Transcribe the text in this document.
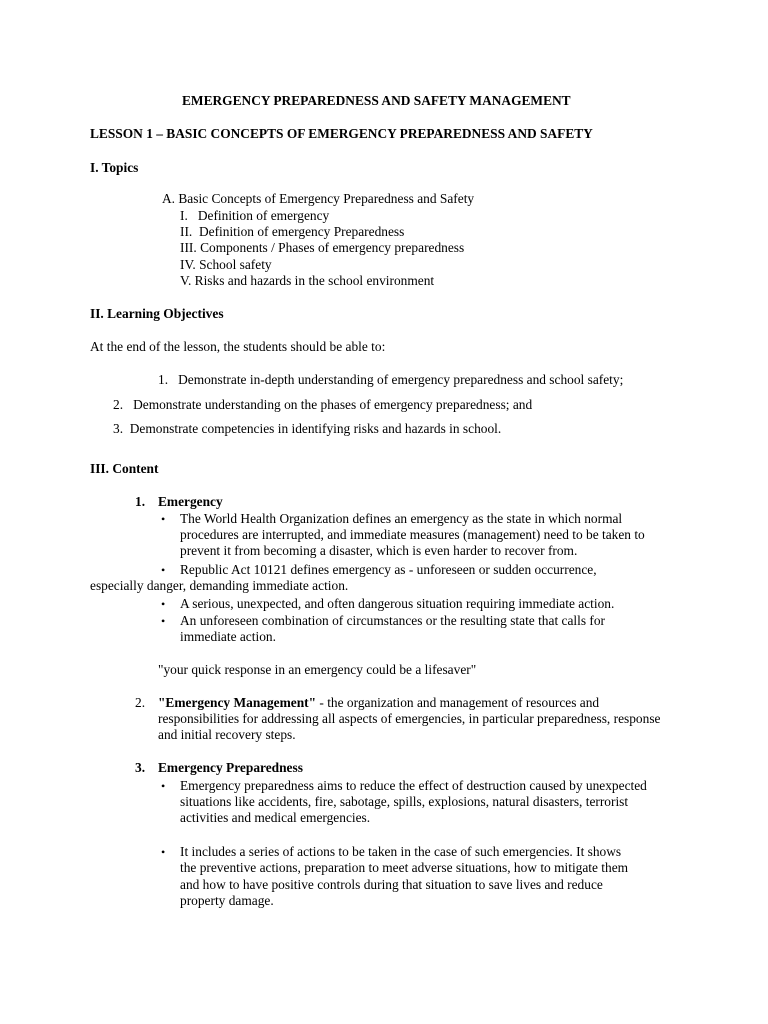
EMERGENCY PREPAREDNESS AND SAFETY MANAGEMENT
LESSON 1 – BASIC CONCEPTS OF EMERGENCY PREPAREDNESS AND SAFETY
I. Topics
A. Basic Concepts of Emergency Preparedness and Safety
I.   Definition of emergency
II.  Definition of emergency Preparedness
III. Components / Phases of emergency preparedness
IV. School safety
V. Risks and hazards in the school environment
II. Learning Objectives
At the end of the lesson, the students should be able to:
1.   Demonstrate in-depth understanding of emergency preparedness and school safety;
2.   Demonstrate understanding on the phases of emergency preparedness; and
3.  Demonstrate competencies in identifying risks and hazards in school.
III. Content
1. Emergency
• The World Health Organization defines an emergency as the state in which normal
procedures are interrupted, and immediate measures (management) need to be taken to
prevent it from becoming a disaster, which is even harder to recover from.
• Republic Act 10121 defines emergency as - unforeseen or sudden occurrence,
especially danger, demanding immediate action.
• A serious, unexpected, and often dangerous situation requiring immediate action.
• An unforeseen combination of circumstances or the resulting state that calls for
immediate action.
"your quick response in an emergency could be a lifesaver"
2. "Emergency Management" - the organization and management of resources and
responsibilities for addressing all aspects of emergencies, in particular preparedness, response
and initial recovery steps.
3. Emergency Preparedness
• Emergency preparedness aims to reduce the effect of destruction caused by unexpected
situations like accidents, fire, sabotage, spills, explosions, natural disasters, terrorist
activities and medical emergencies.
• It includes a series of actions to be taken in the case of such emergencies. It shows
the preventive actions, preparation to meet adverse situations, how to mitigate them
and how to have positive controls during that situation to save lives and reduce
property damage.
